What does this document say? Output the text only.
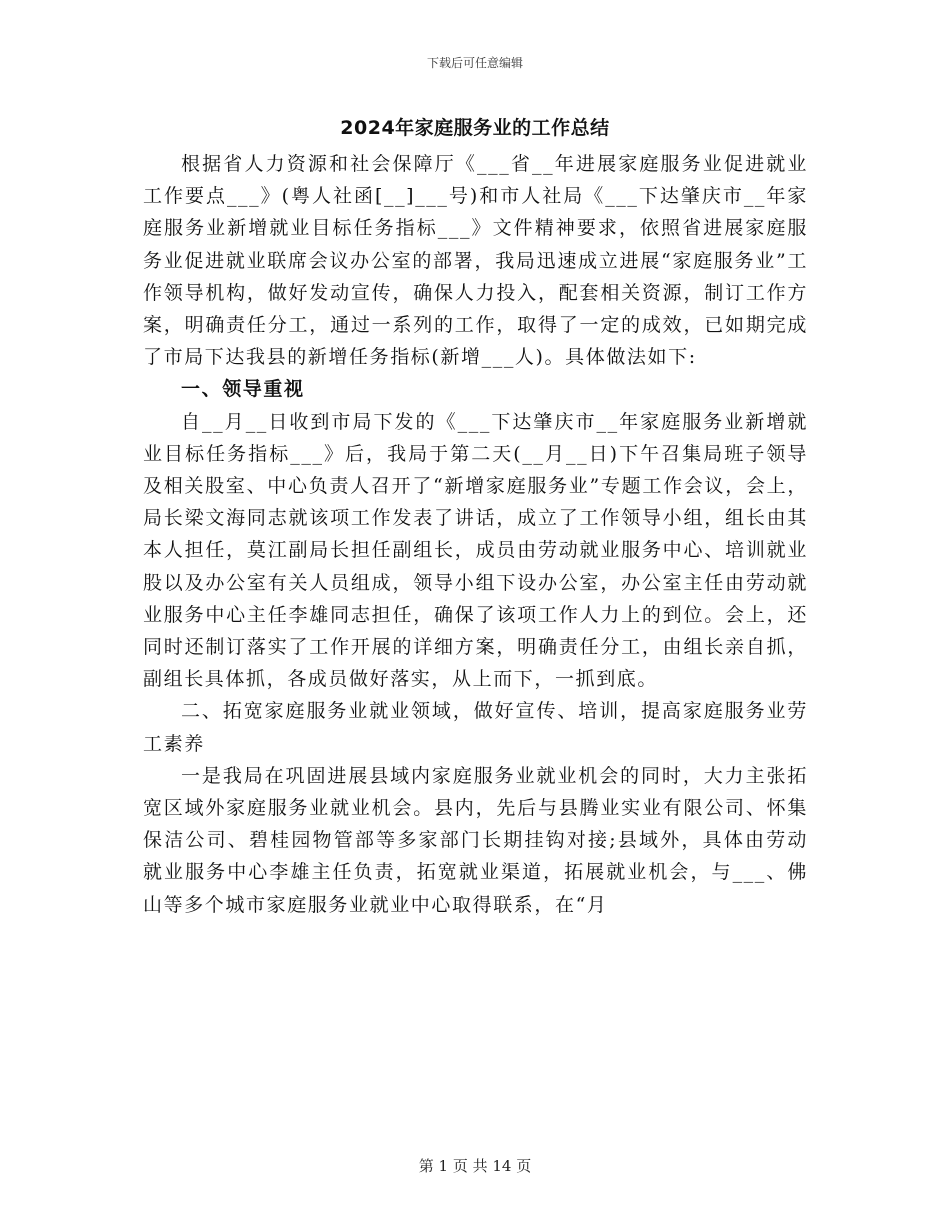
下载后可任意编辑
2024年家庭服务业的工作总结

根据省人力资源和社会保障厅《___省__年进展家庭服务业促进就业工作要点___》(粤人社函[__]___号)和市人社局《___下达肇庆市__年家庭服务业新增就业目标任务指标___》文件精神要求，依照省进展家庭服务业促进就业联席会议办公室的部署，我局迅速成立进展“家庭服务业”工作领导机构，做好发动宣传，确保人力投入，配套相关资源，制订工作方案，明确责任分工，通过一系列的工作，取得了一定的成效，已如期完成了市局下达我县的新增任务指标(新增___人)。具体做法如下:

一、领导重视

自__月__日收到市局下发的《___下达肇庆市__年家庭服务业新增就业目标任务指标___》后，我局于第二天(__月__日)下午召集局班子领导及相关股室、中心负责人召开了“新增家庭服务业”专题工作会议，会上，局长梁文海同志就该项工作发表了讲话，成立了工作领导小组，组长由其本人担任，莫江副局长担任副组长，成员由劳动就业服务中心、培训就业股以及办公室有关人员组成，领导小组下设办公室，办公室主任由劳动就业服务中心主任李雄同志担任，确保了该项工作人力上的到位。会上，还同时还制订落实了工作开展的详细方案，明确责任分工，由组长亲自抓，副组长具体抓，各成员做好落实，从上而下，一抓到底。

二、拓宽家庭服务业就业领域，做好宣传、培训，提高家庭服务业劳工素养

一是我局在巩固进展县域内家庭服务业就业机会的同时，大力主张拓宽区域外家庭服务业就业机会。县内，先后与县腾业实业有限公司、怀集保洁公司、碧桂园物管部等多家部门长期挂钩对接;县域外，具体由劳动就业服务中心李雄主任负责，拓宽就业渠道，拓展就业机会，与___、佛山等多个城市家庭服务业就业中心取得联系，在“月

第 1 页 共 14 页
